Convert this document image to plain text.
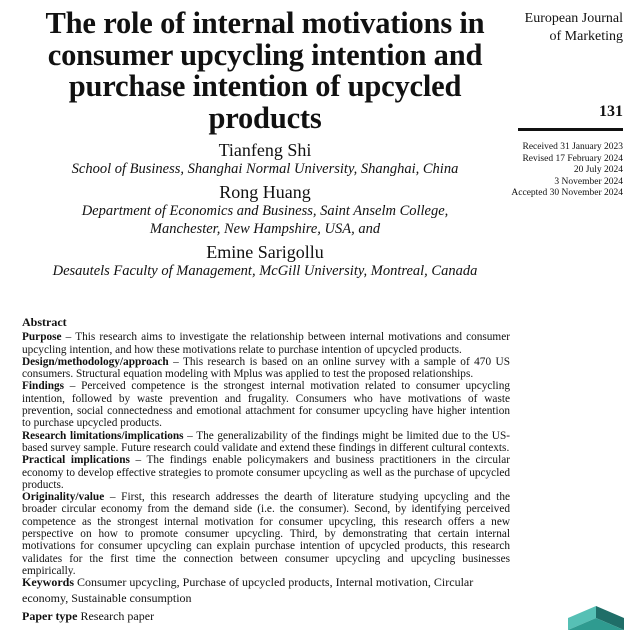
The role of internal motivations in consumer upcycling intention and purchase intention of upcycled products
European Journal
of Marketing
131
Received 31 January 2023
Revised 17 February 2024
20 July 2024
3 November 2024
Accepted 30 November 2024
Tianfeng Shi
School of Business, Shanghai Normal University, Shanghai, China
Rong Huang
Department of Economics and Business, Saint Anselm College,
Manchester, New Hampshire, USA, and
Emine Sarigollu
Desautels Faculty of Management, McGill University, Montreal, Canada
Abstract

Purpose – This research aims to investigate the relationship between internal motivations and consumer upcycling intention, and how these motivations relate to purchase intention of upcycled products.

Design/methodology/approach – This research is based on an online survey with a sample of 470 US consumers. Structural equation modeling with Mplus was applied to test the proposed relationships.

Findings – Perceived competence is the strongest internal motivation related to consumer upcycling intention, followed by waste prevention and frugality. Consumers who have motivations of waste prevention, social connectedness and emotional attachment for consumer upcycling have higher intention to purchase upcycled products.

Research limitations/implications – The generalizability of the findings might be limited due to the US-based survey sample. Future research could validate and extend these findings in different cultural contexts.

Practical implications – The findings enable policymakers and business practitioners in the circular economy to develop effective strategies to promote consumer upcycling as well as the purchase of upcycled products.

Originality/value – First, this research addresses the dearth of literature studying upcycling and the broader circular economy from the demand side (i.e. the consumer). Second, by identifying perceived competence as the strongest internal motivation for consumer upcycling, this research offers a new perspective on how to promote consumer upcycling. Third, by demonstrating that certain internal motivations for consumer upcycling can explain purchase intention of upcycled products, this research validates for the first time the connection between consumer upcycling and upcycling businesses empirically.

Keywords Consumer upcycling, Purchase of upcycled products, Internal motivation, Circular economy, Sustainable consumption
Paper type Research paper
